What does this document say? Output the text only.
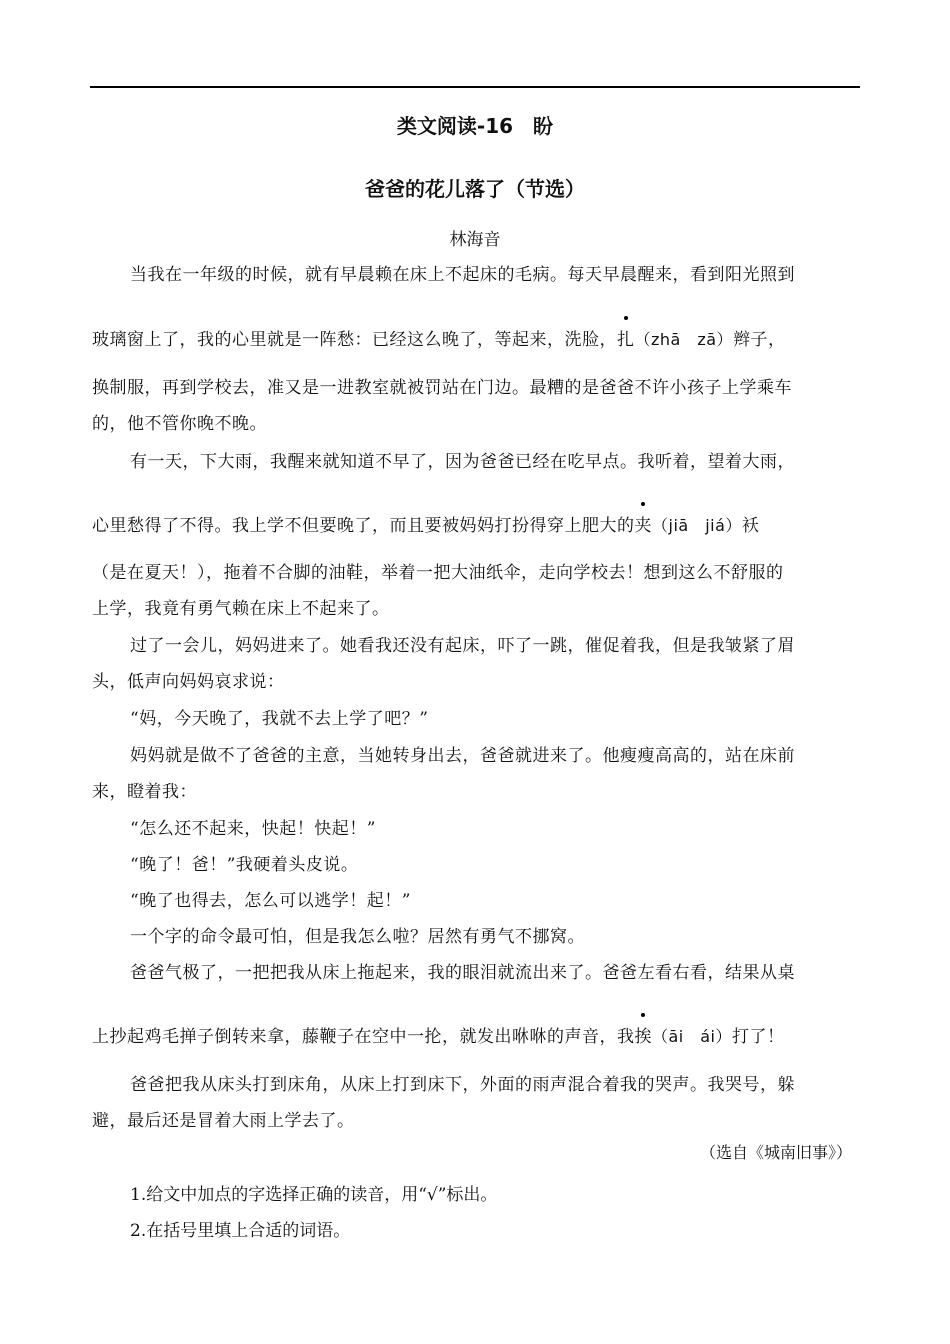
类文阅读-16　盼
爸爸的花儿落了（节选）
林海音
当我在一年级的时候，就有早晨赖在床上不起床的毛病。每天早晨醒来，看到阳光照到
玻璃窗上了，我的心里就是一阵愁：已经这么晚了，等起来，洗脸，扎（zhā　zā）辫子，
换制服，再到学校去，准又是一进教室就被罚站在门边。最糟的是爸爸不许小孩子上学乘车
的，他不管你晚不晚。
有一天，下大雨，我醒来就知道不早了，因为爸爸已经在吃早点。我听着，望着大雨，
心里愁得了不得。我上学不但要晚了，而且要被妈妈打扮得穿上肥大的夹（jiā　jiá）袄
（是在夏天！），拖着不合脚的油鞋，举着一把大油纸伞，走向学校去！想到这么不舒服的
上学，我竟有勇气赖在床上不起来了。
过了一会儿，妈妈进来了。她看我还没有起床，吓了一跳，催促着我，但是我皱紧了眉
头，低声向妈妈哀求说：
“妈，今天晚了，我就不去上学了吧？”
妈妈就是做不了爸爸的主意，当她转身出去，爸爸就进来了。他瘦瘦高高的，站在床前
来，瞪着我：
“怎么还不起来，快起！快起！”
“晚了！爸！”我硬着头皮说。
“晚了也得去，怎么可以逃学！起！”
一个字的命令最可怕，但是我怎么啦？居然有勇气不挪窝。
爸爸气极了，一把把我从床上拖起来，我的眼泪就流出来了。爸爸左看右看，结果从桌
上抄起鸡毛掸子倒转来拿，藤鞭子在空中一抡，就发出咻咻的声音，我挨（āi　ái）打了！
爸爸把我从床头打到床角，从床上打到床下，外面的雨声混合着我的哭声。我哭号，躲
避，最后还是冒着大雨上学去了。
（选自《城南旧事》）
1.给文中加点的字选择正确的读音，用“√”标出。
2.在括号里填上合适的词语。
